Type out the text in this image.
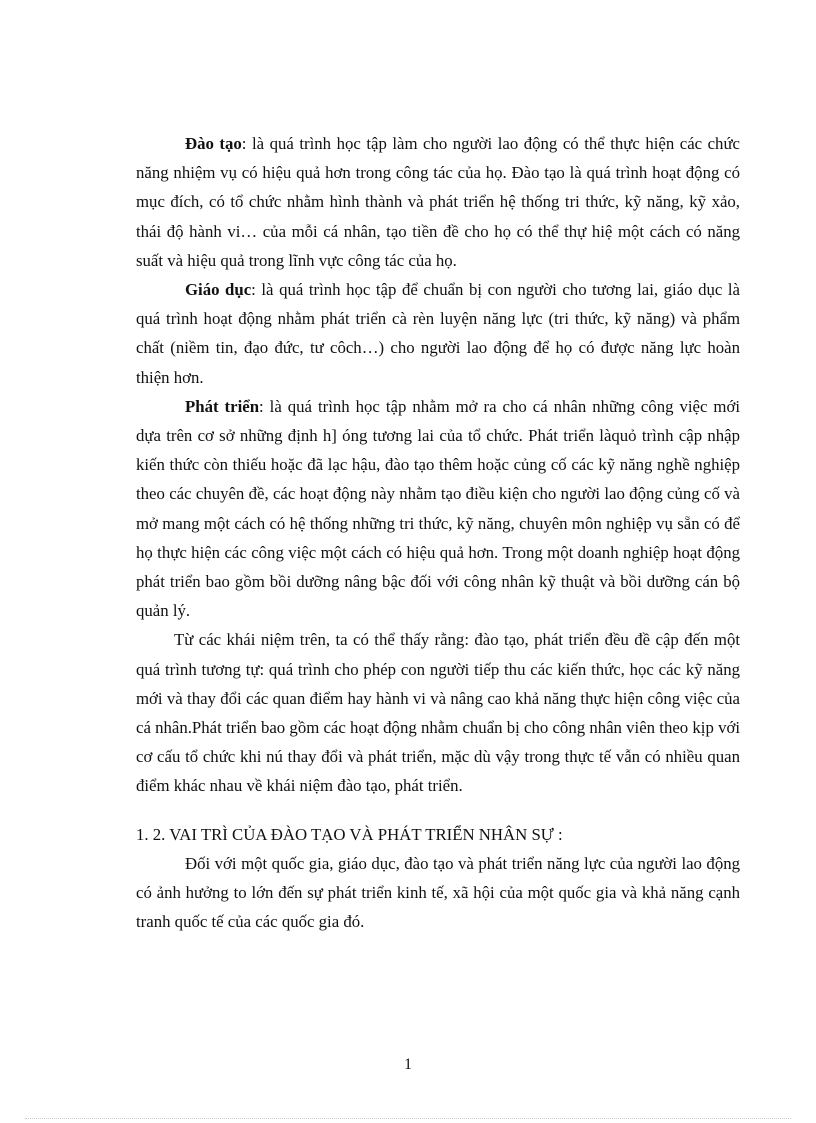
Đào tạo: là quá trình học tập làm cho người lao động có thể thực hiện các chức năng nhiệm vụ có hiệu quả hơn trong công tác của họ. Đào tạo là quá trình hoạt động có mục đích, có tổ chức nhằm hình thành và phát triển hệ thống tri thức, kỹ năng, kỹ xảo, thái độ hành vi… của mỗi cá nhân, tạo tiền đề cho họ có thể thự hiệ một cách có năng suất và hiệu quả trong lĩnh vực công tác của họ.

Giáo dục: là quá trình học tập để chuẩn bị con người cho tương lai, giáo dục là quá trình hoạt động nhằm phát triển cà rèn luyện năng lực (tri thức, kỹ năng) và phẩm chất (niềm tin, đạo đức, tư côch…) cho người lao động để họ có được năng lực hoàn thiện hơn.

Phát triển: là quá trình học tập nhằm mở ra cho cá nhân những công việc mới dựa trên cơ sở những định h] óng tương lai của tổ chức. Phát triển làquỏ trình cập nhập kiến thức còn thiếu hoặc đã lạc hậu, đào tạo thêm hoặc củng cố các kỹ năng nghề nghiệp theo các chuyên đề, các hoạt động này nhằm tạo điều kiện cho người lao động củng cố và mở mang một cách có hệ thống những tri thức, kỹ năng, chuyên môn nghiệp vụ sẵn có để họ thực hiện các công việc một cách có hiệu quả hơn. Trong một doanh nghiệp hoạt động phát triển bao gồm bồi dưỡng nâng bậc đối với công nhân kỹ thuật và bồi dưỡng cán bộ quản lý.

Từ các khái niệm trên, ta có thể thấy rằng: đào tạo, phát triển đều đề cập đến một quá trình tương tự: quá trình cho phép con người tiếp thu các kiến thức, học các kỹ năng mới và thay đổi các quan điểm hay hành vi và nâng cao khả năng thực hiện công việc của cá nhân.Phát triển bao gồm các hoạt động nhằm chuẩn bị cho công nhân viên theo kịp với cơ cấu tổ chức khi nú thay đổi và phát triển, mặc dù vậy trong thực tế vẫn có nhiều quan điểm khác nhau về khái niệm đào tạo, phát triển.

1. 2. VAI TRÌ CỦA ĐÀO TẠO VÀ PHÁT TRIỂN NHÂN SỰ :

Đối với một quốc gia, giáo dục, đào tạo và phát triển năng lực của người lao động có ảnh hưởng to lớn đến sự phát triển kinh tế, xã hội của một quốc gia và khả năng cạnh tranh quốc tế của các quốc gia đó.

1
